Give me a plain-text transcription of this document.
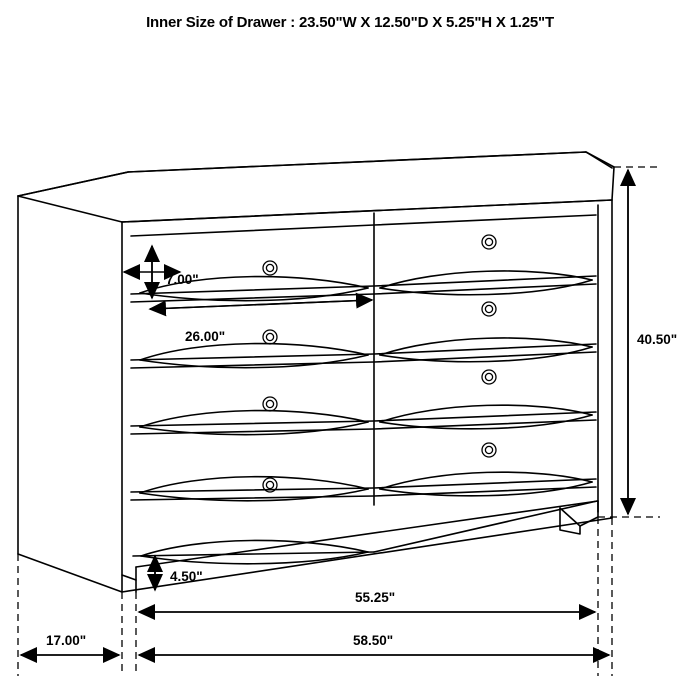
Inner Size of Drawer : 23.50"W X 12.50"D X 5.25"H X 1.25"T
7.00"
26.00"	40.50"
4.50"
55.25"
17.00"	58.50"
